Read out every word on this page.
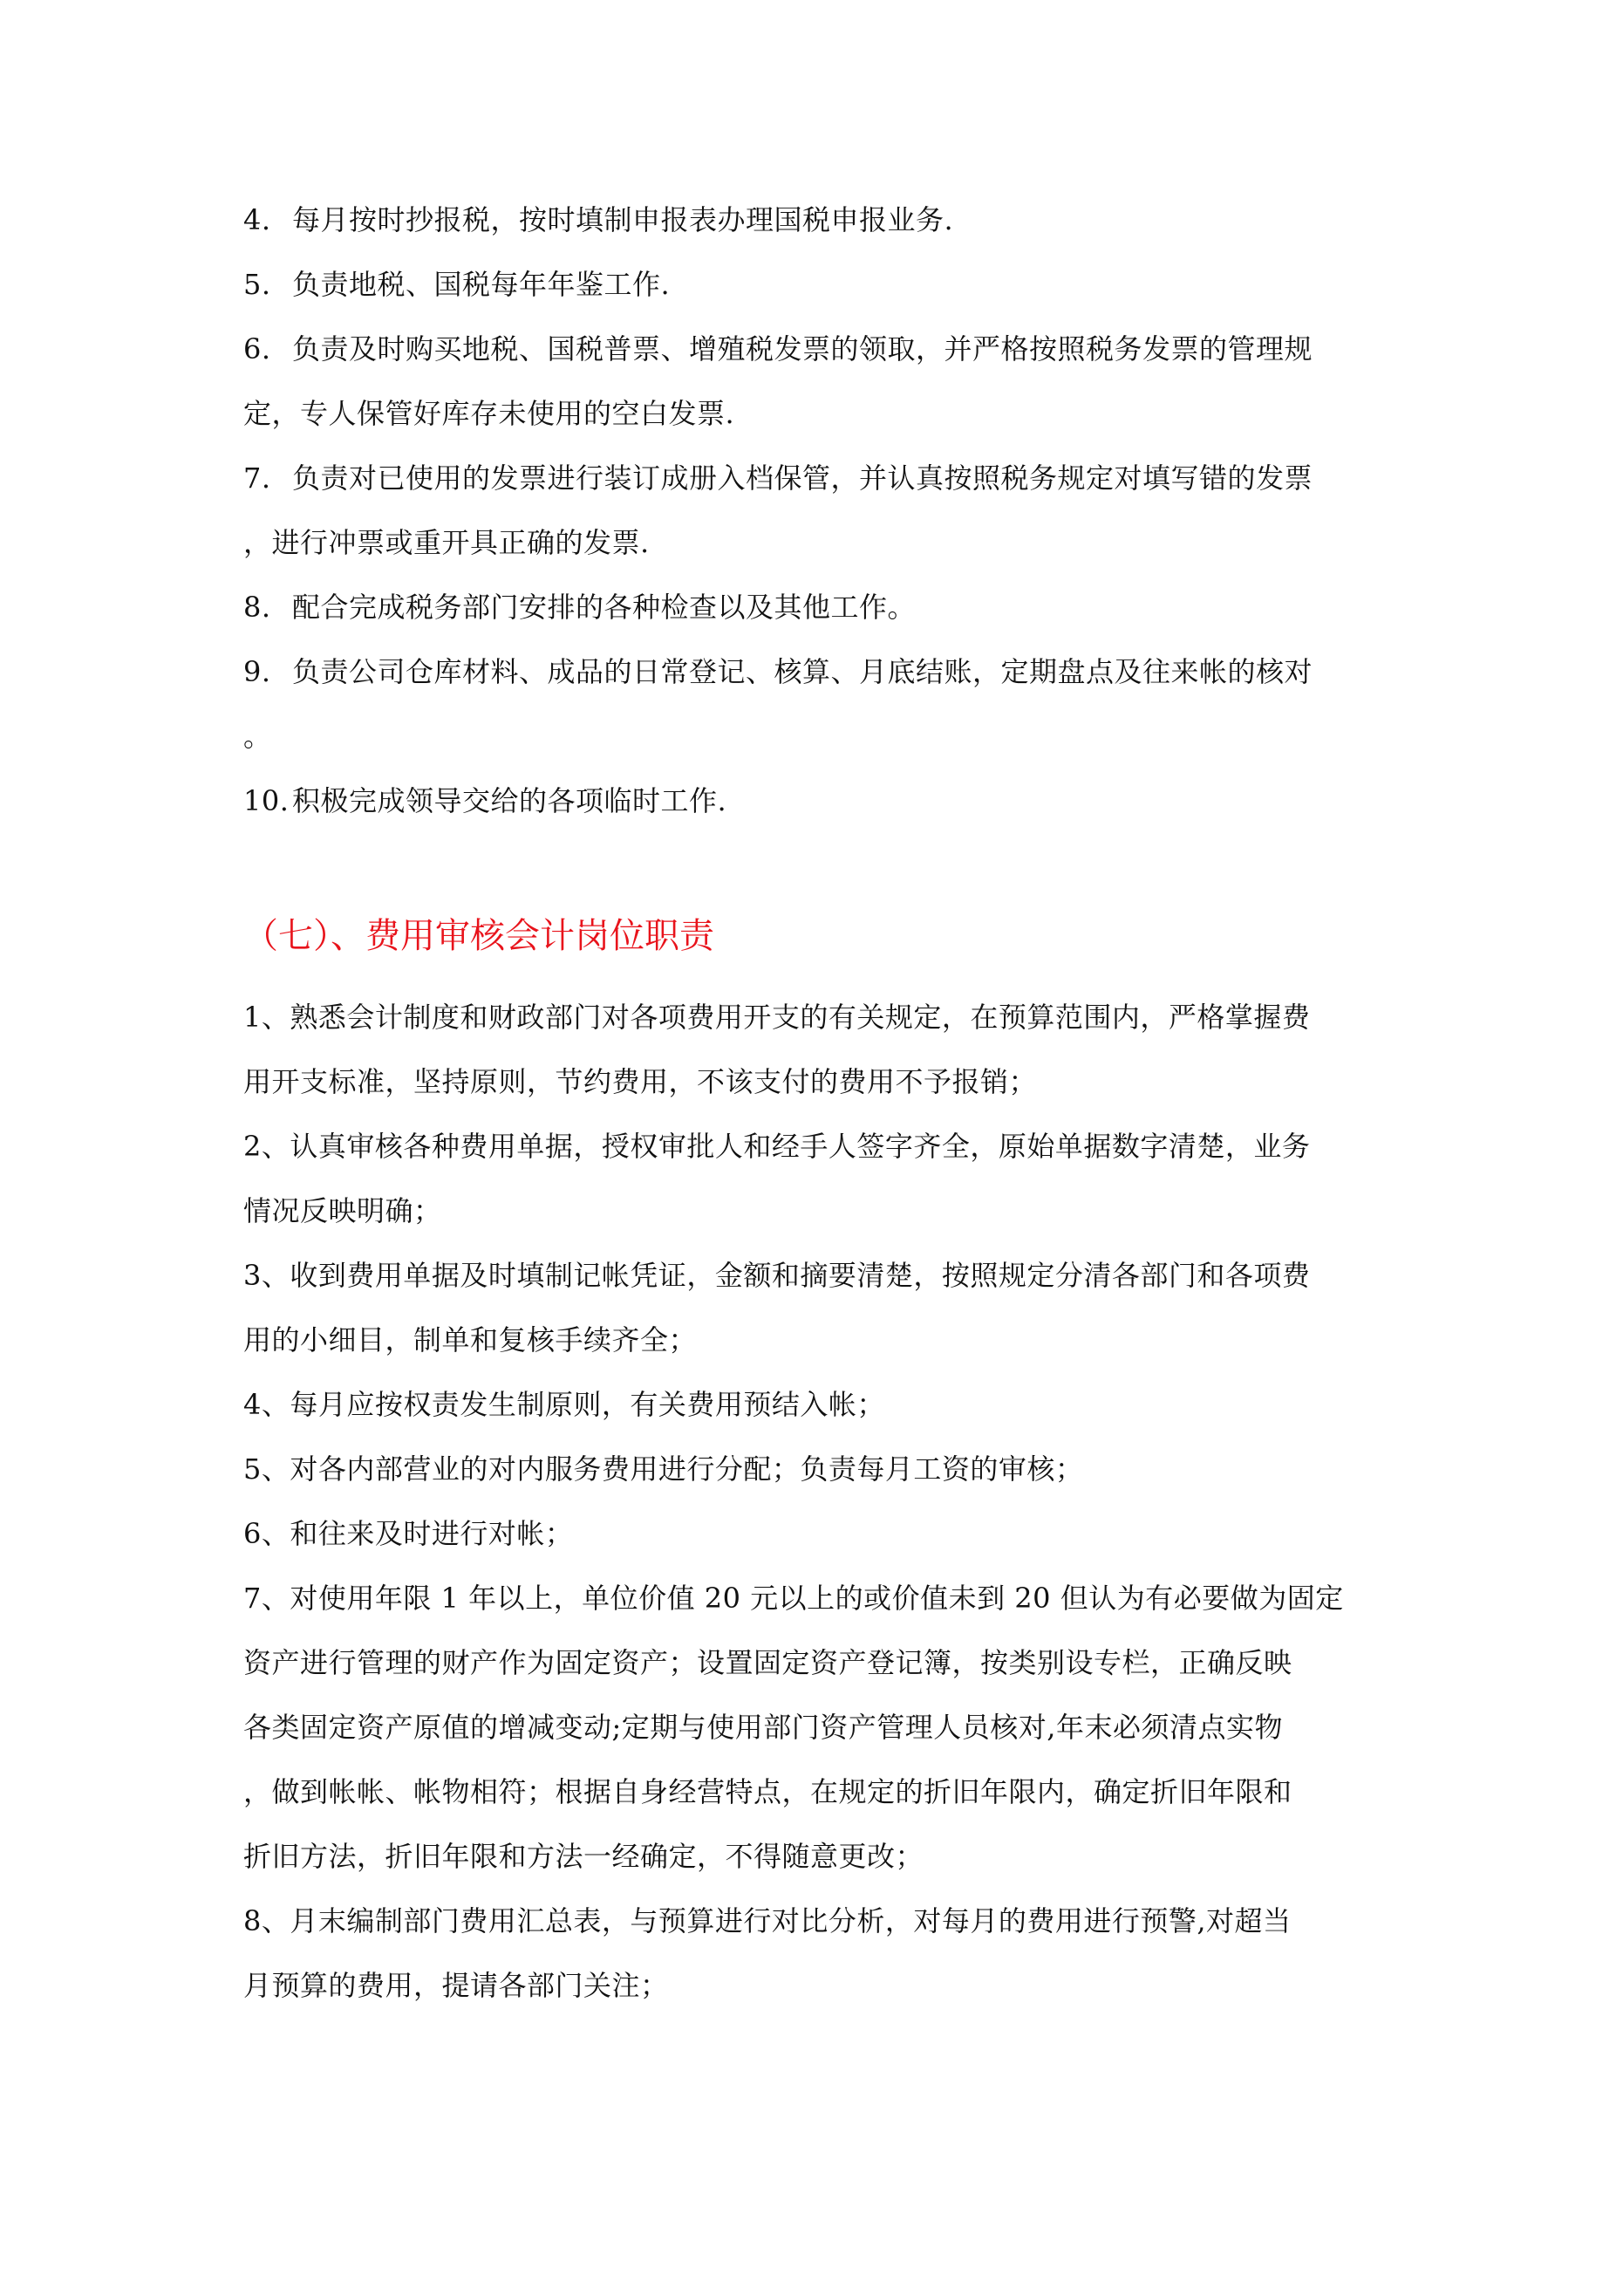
4. 每月按时抄报税，按时填制申报表办理国税申报业务.
5. 负责地税、国税每年年鉴工作.
6. 负责及时购买地税、国税普票、增殖税发票的领取，并严格按照税务发票的管理规
定，专人保管好库存未使用的空白发票.
7. 负责对已使用的发票进行装订成册入档保管，并认真按照税务规定对填写错的发票
，进行冲票或重开具正确的发票.
8. 配合完成税务部门安排的各种检查以及其他工作。
9. 负责公司仓库材料、成品的日常登记、核算、月底结账，定期盘点及往来帐的核对
。
10. 积极完成领导交给的各项临时工作.
（七）、费用审核会计岗位职责
1、熟悉会计制度和财政部门对各项费用开支的有关规定，在预算范围内，严格掌握费
用开支标准，坚持原则，节约费用，不该支付的费用不予报销；
2、认真审核各种费用单据，授权审批人和经手人签字齐全，原始单据数字清楚，业务
情况反映明确；
3、收到费用单据及时填制记帐凭证，金额和摘要清楚，按照规定分清各部门和各项费
用的小细目，制单和复核手续齐全；
4、每月应按权责发生制原则，有关费用预结入帐；
5、对各内部营业的对内服务费用进行分配；负责每月工资的审核；
6、和往来及时进行对帐；
7、对使用年限 1 年以上，单位价值 20 元以上的或价值未到 20 但认为有必要做为固定
资产进行管理的财产作为固定资产；设置固定资产登记簿，按类别设专栏，正确反映
各类固定资产原值的增减变动;定期与使用部门资产管理人员核对,年末必须清点实物
，做到帐帐、帐物相符；根据自身经营特点，在规定的折旧年限内，确定折旧年限和
折旧方法，折旧年限和方法一经确定，不得随意更改；
8、月末编制部门费用汇总表，与预算进行对比分析，对每月的费用进行预警,对超当
月预算的费用，提请各部门关注；
